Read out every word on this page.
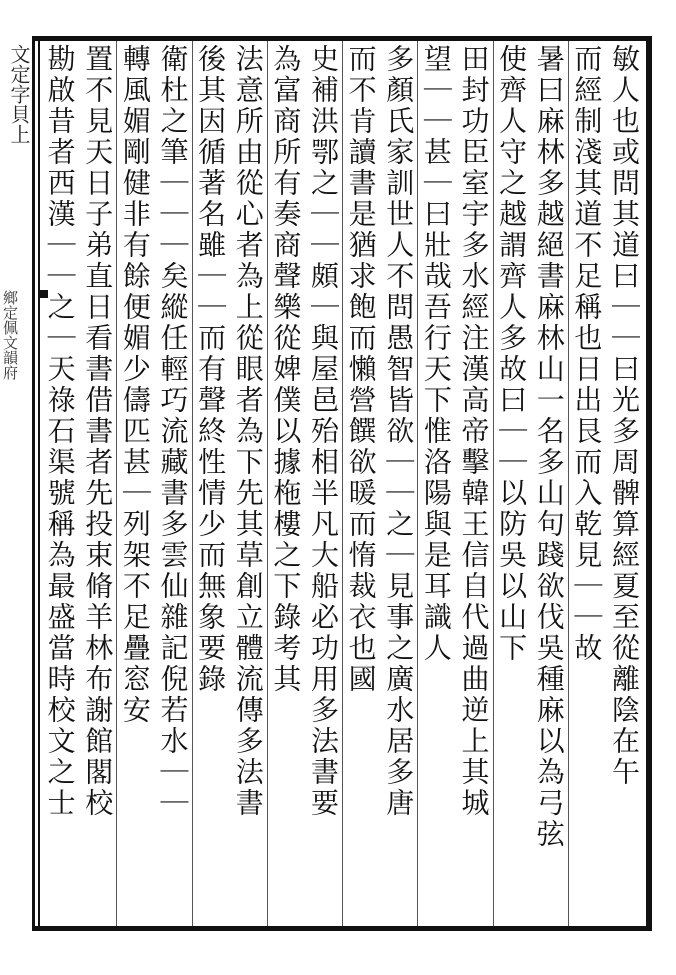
文定字貝上
鄉定佩文韻府	敏人也或問其道曰｜｜曰光多周髀算經夏至從離陰在午
而經制淺其道不足稱也日出艮而入乾見｜｜故
暑曰麻林多越絕書麻林山一名多山句踐欲伐吳種麻以為弓弦
使齊人守之越謂齊人多故曰｜｜以防吳以山下
田封功臣室宇多水經注漢高帝擊韓王信自代過曲逆上其城
望｜｜甚｜曰壯哉吾行天下惟洛陽與是耳識人
多顏氏家訓世人不問愚智皆欲｜｜之｜見事之廣水居多唐
而不肯讀書是猶求飽而懶營饌欲暖而惰裁衣也國
史補洪鄂之｜｜頗｜與屋邑殆相半凡大船必功用多法書要
為富商所有奏商聲樂從婢僕以據柂樓之下錄考其
法意所由從心者為上從眼者為下先其草創立體流傳多法書
後其因循著名雖｜｜而有聲終性情少而無象要錄
衛杜之筆｜｜｜矣縱任輕巧流藏書多雲仙雜記倪若水｜｜
轉風媚剛健非有餘便媚少儔匹甚｜列架不足疊窓安
置不見天日子弟直日看書借書者先投束脩羊林布謝館閣校
勘啟昔者西漢｜｜之｜天祿石渠號稱為最盛當時校文之士
